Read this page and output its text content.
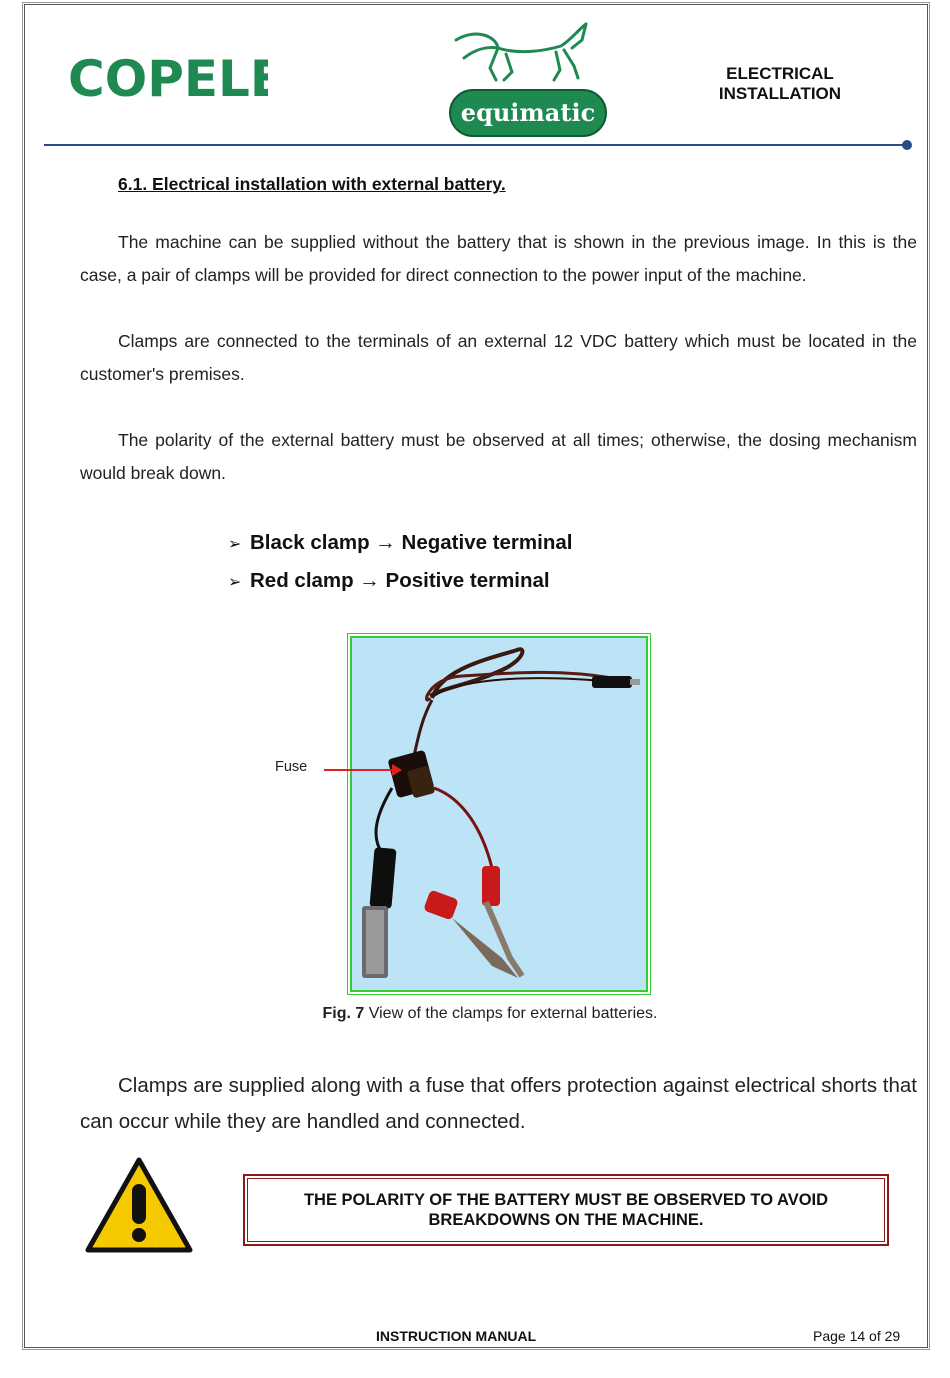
COPELE
equimatic
ELECTRICAL
INSTALLATION
6.1. Electrical installation with external battery.

The machine can be supplied without the battery that is shown in the previous image. In this is the case, a pair of clamps will be provided for direct connection to the power input of the machine.

Clamps are connected to the terminals of an external 12 VDC battery which must be located in the customer's premises.

The polarity of the external battery must be observed at all times; otherwise, the dosing mechanism would break down.

➢ Black clamp → Negative terminal
➢ Red clamp → Positive terminal
Fuse
Fig. 7 View of the clamps for external batteries.

Clamps are supplied along with a fuse that offers protection against electrical shorts that can occur while they are handled and connected.

THE POLARITY OF THE BATTERY MUST BE OBSERVED TO AVOID BREAKDOWNS ON THE MACHINE.
INSTRUCTION MANUAL	Page 14 of 29
